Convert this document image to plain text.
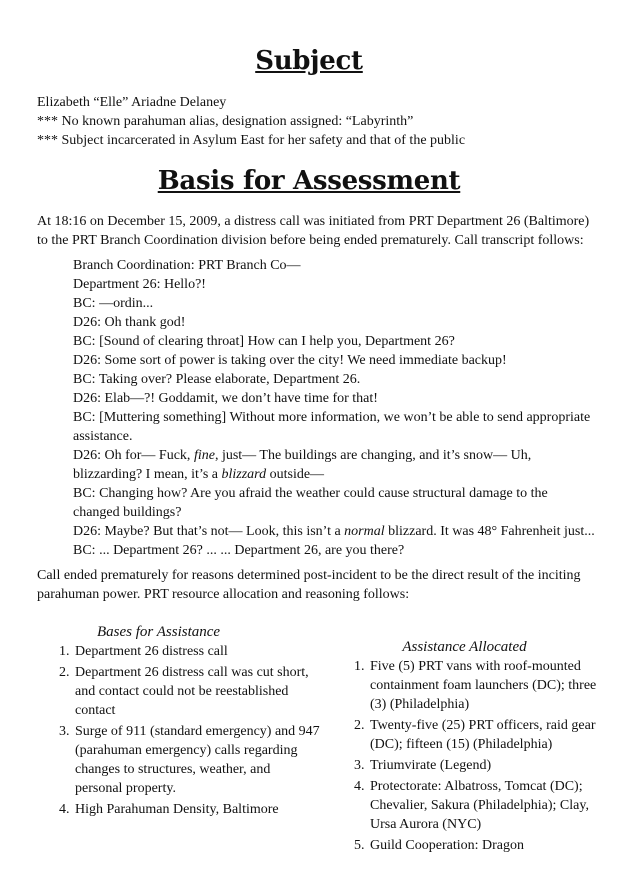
Subject
Elizabeth “Elle” Ariadne Delaney
*** No known parahuman alias, designation assigned: “Labyrinth”
*** Subject incarcerated in Asylum East for her safety and that of the public
Basis for Assessment

At 18:16 on December 15, 2009, a distress call was initiated from PRT Department 26 (Baltimore) to the PRT Branch Coordination division before being ended prematurely. Call transcript follows:

Branch Coordination: PRT Branch Co—
Department 26: Hello?!
BC: —ordin...
D26: Oh thank god!
BC: [Sound of clearing throat] How can I help you, Department 26?
D26: Some sort of power is taking over the city! We need immediate backup!
BC: Taking over? Please elaborate, Department 26.
D26: Elab—?! Goddamit, we don’t have time for that!
BC: [Muttering something] Without more information, we won’t be able to send appropriate assistance.
D26: Oh for— Fuck, fine, just— The buildings are changing, and it’s snow— Uh, blizzarding? I mean, it’s a blizzard outside—
BC: Changing how? Are you afraid the weather could cause structural damage to the changed buildings?
D26: Maybe? But that’s not— Look, this isn’t a normal blizzard. It was 48° Fahrenheit just...
BC: ... Department 26? ... ... Department 26, are you there?

Call ended prematurely for reasons determined post-incident to be the direct result of the inciting parahuman power. PRT resource allocation and reasoning follows:

Bases for Assistance
1. Department 26 distress call
2. Department 26 distress call was cut short, and contact could not be reestablished contact
3. Surge of 911 (standard emergency) and 947 (parahuman emergency) calls regarding changes to structures, weather, and personal property.
4. High Parahuman Density, Baltimore
Assistance Allocated
1. Five (5) PRT vans with roof-mounted containment foam launchers (DC); three (3) (Philadelphia)
2. Twenty-five (25) PRT officers, raid gear (DC); fifteen (15) (Philadelphia)
3. Triumvirate (Legend)
4. Protectorate: Albatross, Tomcat (DC); Chevalier, Sakura (Philadelphia); Clay, Ursa Aurora (NYC)
5. Guild Cooperation: Dragon
